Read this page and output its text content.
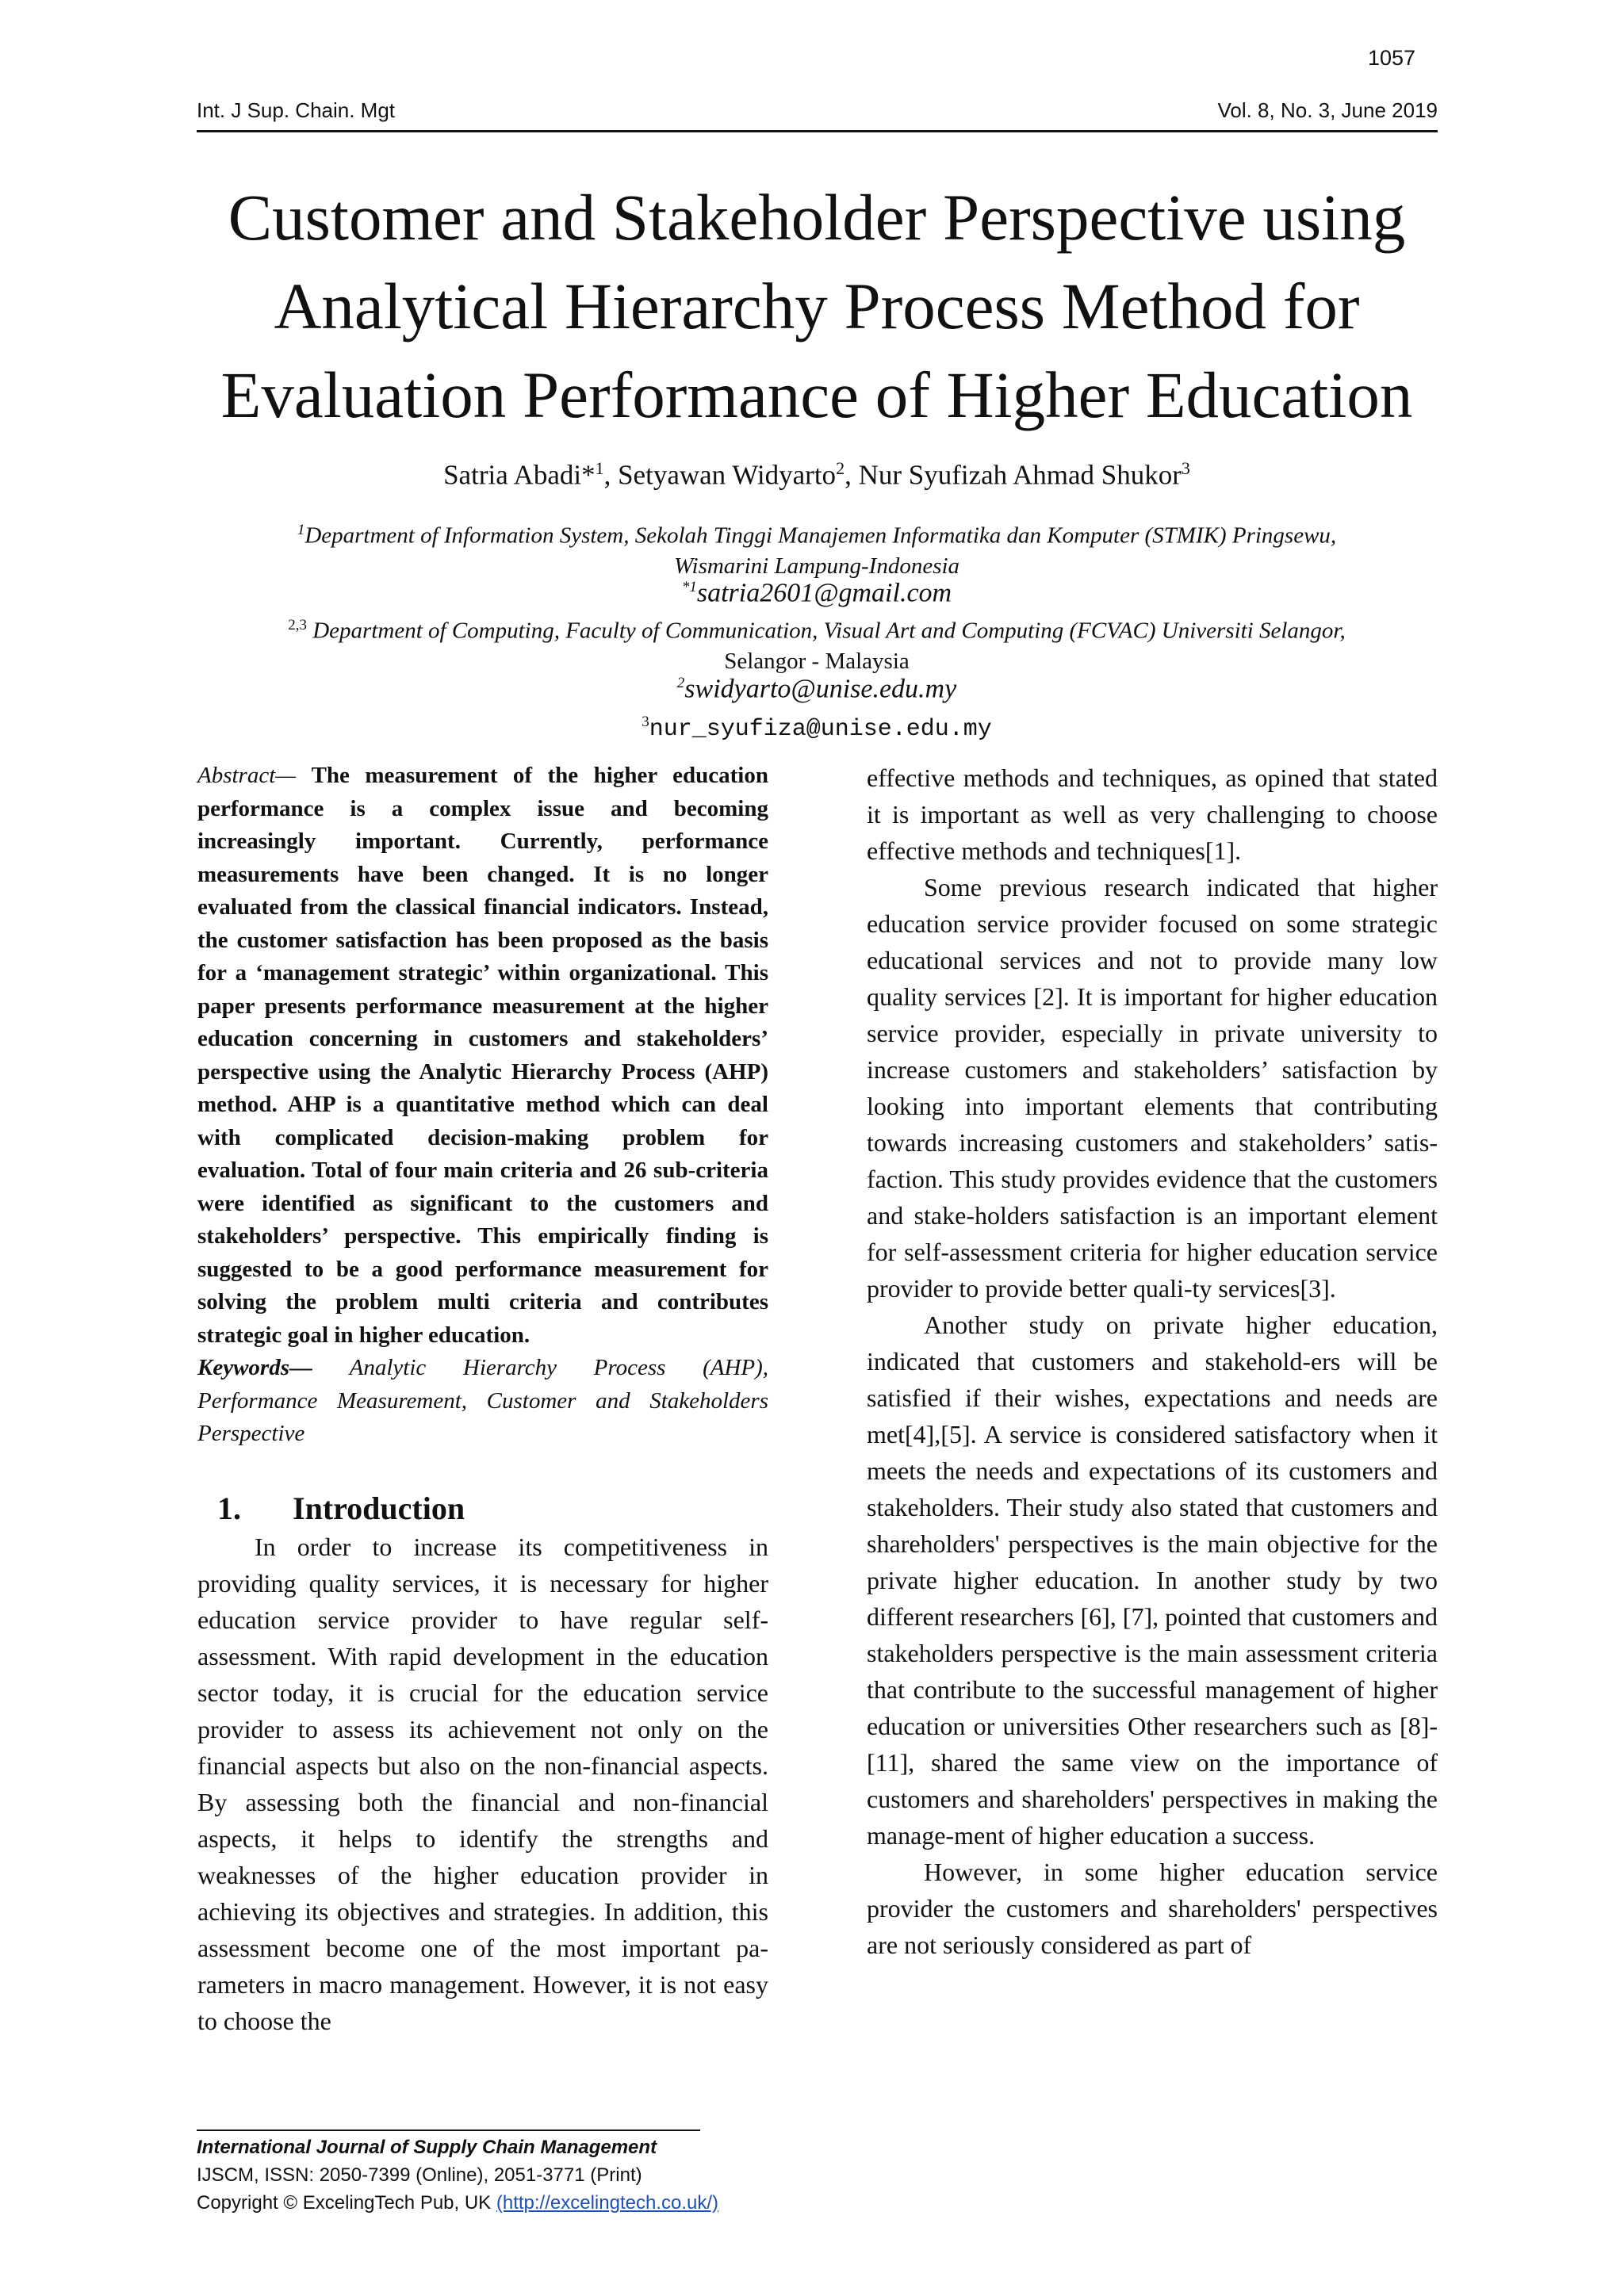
1057
Int. J Sup. Chain. Mgt	Vol. 8, No. 3, June 2019
Customer and Stakeholder Perspective using Analytical Hierarchy Process Method for Evaluation Performance of Higher Education
Satria Abadi*$^1$, Setyawan Widyarto$^2$, Nur Syufizah Ahmad Shukor$^3$
$^1$Department of Information System, Sekolah Tinggi Manajemen Informatika dan Komputer (STMIK) Pringsewu,
Wismarini Lampung-Indonesia
$^{*1}$satria2601@gmail.com
$^{2,3}$ Department of Computing, Faculty of Communication, Visual Art and Computing (FCVAC) Universiti Selangor,
Selangor - Malaysia
$^2$swidyarto@unise.edu.my
$^3$nur_syufiza@unise.edu.my

Abstract— The measurement of the higher education performance is a complex issue and becoming increasingly important. Currently, performance measurements have been changed. It is no longer evaluated from the classical financial indicators. Instead, the customer satisfaction has been proposed as the basis for a ‘management strategic’ within organizational. This paper presents performance measurement at the higher education concerning in customers and stakeholders’ perspective using the Analytic Hierarchy Process (AHP) method. AHP is a quantitative method which can deal with complicated decision-making problem for evaluation. Total of four main criteria and 26 sub-criteria were identified as significant to the customers and stakeholders’ perspective. This empirically finding is suggested to be a good performance measurement for solving the problem multi criteria and contributes strategic goal in higher education.

Keywords— Analytic Hierarchy Process (AHP), Performance Measurement, Customer and Stakeholders Perspective

1. Introduction

In order to increase its competitiveness in providing quality services, it is necessary for higher education service provider to have regular self-assessment. With rapid development in the education sector today, it is crucial for the education service provider to assess its achievement not only on the financial aspects but also on the non-financial aspects. By assessing both the financial and non-financial aspects, it helps to identify the strengths and weaknesses of the higher education provider in achieving its objectives and strategies. In addition, this assessment become one of the most important pa-rameters in macro management. However, it is not easy to choose the

effective methods and techniques, as opined that stated it is important as well as very challenging to choose effective methods and techniques[1].

Some previous research indicated that higher education service provider focused on some strategic educational services and not to provide many low quality services [2]. It is important for higher education service provider, especially in private university to increase customers and stakeholders’ satisfaction by looking into important elements that contributing towards increasing customers and stakeholders’ satis-faction. This study provides evidence that the customers and stake-holders satisfaction is an important element for self-assessment criteria for higher education service provider to provide better quali-ty services[3].

Another study on private higher education, indicated that customers and stakehold-ers will be satisfied if their wishes, expectations and needs are met[4],[5]. A service is considered satisfactory when it meets the needs and expectations of its customers and stakeholders. Their study also stated that customers and shareholders' perspectives is the main objective for the private higher education. In another study by two different researchers [6], [7], pointed that customers and stakeholders perspective is the main assessment criteria that contribute to the successful management of higher education or universities Other researchers such as [8]-[11], shared the same view on the importance of customers and shareholders' perspectives in making the manage-ment of higher education a success.

However, in some higher education service provider the customers and shareholders' perspectives are not seriously considered as part of

International Journal of Supply Chain Management
IJSCM, ISSN: 2050-7399 (Online), 2051-3771 (Print)
Copyright © ExcelingTech Pub, UK (http://excelingtech.co.uk/)
